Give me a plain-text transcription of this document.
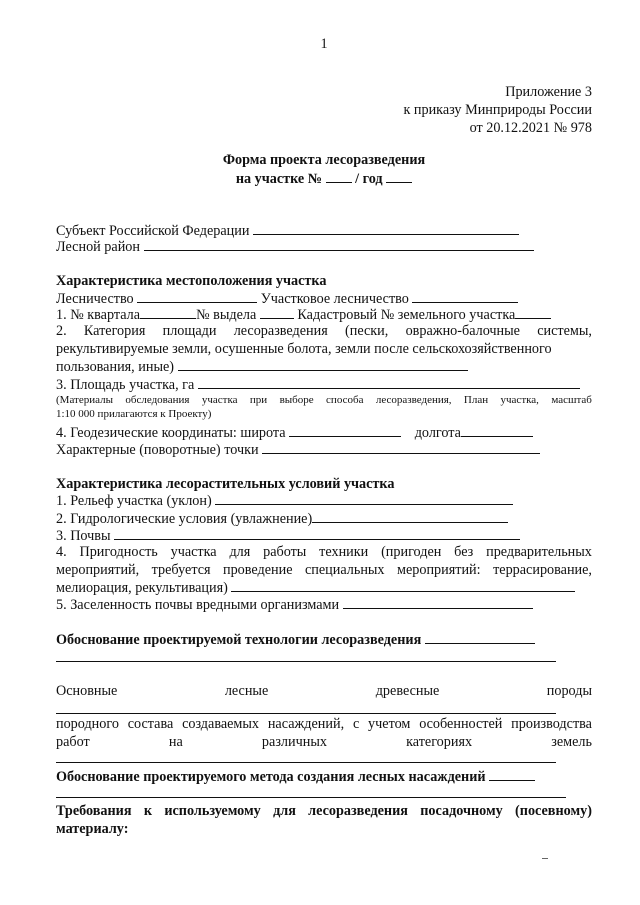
1
Приложение 3
к приказу Минприроды России
от 20.12.2021 № 978
Форма проекта лесоразведения
на участке № / год
Субъект Российской Федерации
Лесной район
Характеристика местоположения участка
Лесничество	Участковое лесничество
1. № квартала	№ выдела	Кадастровый № земельного участка
2. Категория площади лесоразведения (пески, овражно-балочные системы,
рекультивируемые земли, осушенные болота, земли после сельскохозяйственного
пользования, иные)
3. Площадь участка, га
(Материалы обследования участка при выборе способа лесоразведения, План участка, масштаб
1:10 000 прилагаются к Проекту)
4. Геодезические координаты: широта	долгота
Характерные (поворотные) точки
Характеристика лесорастительных условий участка
1. Рельеф участка (уклон)
2. Гидрологические условия (увлажнение)
3. Почвы
4. Пригодность участка для работы техники (пригоден без предварительных
мероприятий, требуется проведение специальных мероприятий: террасирование,
мелиорация, рекультивация)
5. Заселенность почвы вредными организмами
Обоснование проектируемой технологии лесоразведения
Основные	лесные	древесные	породы
породного состава создаваемых насаждений, с учетом особенностей производства
работ	на	различных	категориях	земель
Обоснование проектируемого метода создания лесных насаждений
Требования к используемому для лесоразведения посадочному (посевному)
материалу:
